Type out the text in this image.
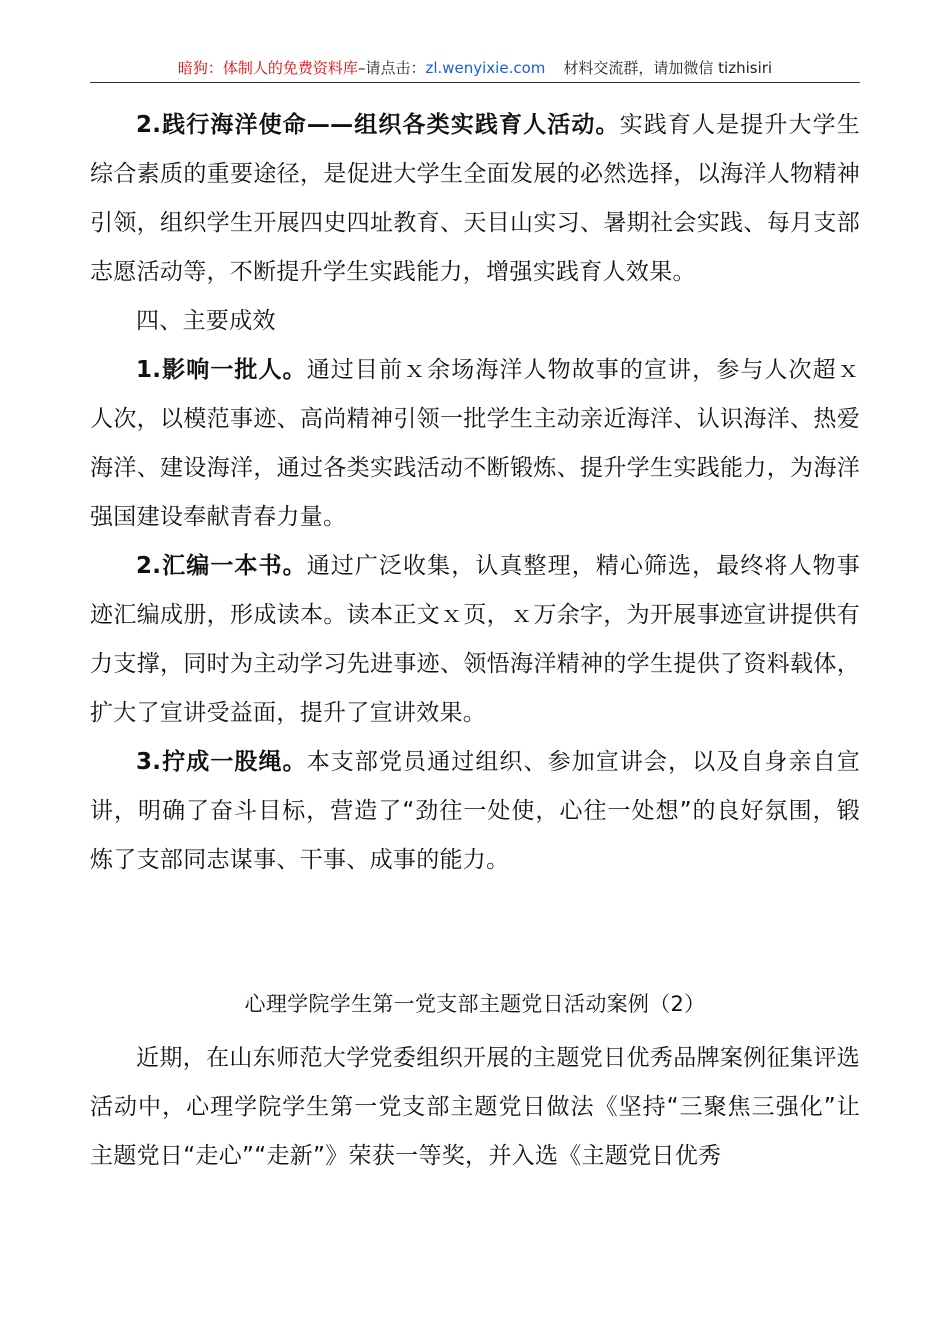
暗狗：体制人的免费资料库–请点击：zl.wenyixie.com 材料交流群，请加微信 tizhisiri

2.践行海洋使命——组织各类实践育人活动。实践育人是提升大学生综合素质的重要途径，是促进大学生全面发展的必然选择，以海洋人物精神引领，组织学生开展四史四址教育、天目山实习、暑期社会实践、每月支部志愿活动等，不断提升学生实践能力，增强实践育人效果。

四、主要成效

1.影响一批人。通过目前ｘ余场海洋人物故事的宣讲，参与人次超ｘ人次，以模范事迹、高尚精神引领一批学生主动亲近海洋、认识海洋、热爱海洋、建设海洋，通过各类实践活动不断锻炼、提升学生实践能力，为海洋强国建设奉献青春力量。

2.汇编一本书。通过广泛收集，认真整理，精心筛选，最终将人物事迹汇编成册，形成读本。读本正文ｘ页，ｘ万余字，为开展事迹宣讲提供有力支撑，同时为主动学习先进事迹、领悟海洋精神的学生提供了资料载体，扩大了宣讲受益面，提升了宣讲效果。

3.拧成一股绳。本支部党员通过组织、参加宣讲会，以及自身亲自宣讲，明确了奋斗目标，营造了“劲往一处使，心往一处想”的良好氛围，锻炼了支部同志谋事、干事、成事的能力。

心理学院学生第一党支部主题党日活动案例（2）

近期，在山东师范大学党委组织开展的主题党日优秀品牌案例征集评选活动中，心理学院学生第一党支部主题党日做法《坚持“三聚焦三强化”让主题党日“走心”“走新”》荣获一等奖，并入选《主题党日优秀
